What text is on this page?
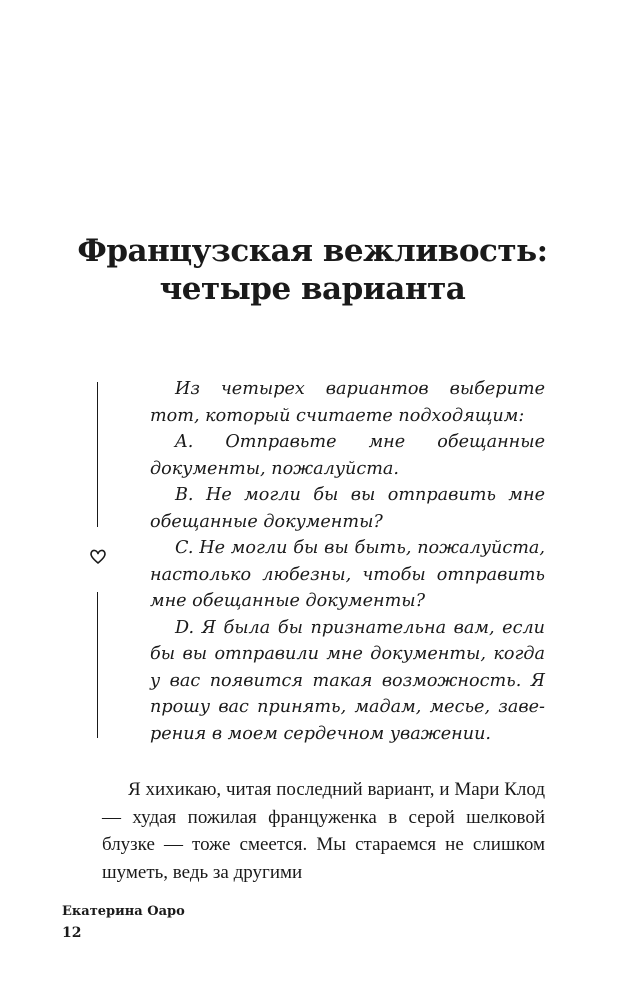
Французская вежливость:
четыре варианта

Из четырех вариантов выберите тот, который считаете подходящим:

A. Отправьте мне обещанные документы, пожалуйста.

B. Не могли бы вы отправить мне обещанные документы?

C. Не могли бы вы быть, пожалуйста, настолько любезны, чтобы отправить мне обещанные документы?

D. Я была бы признательна вам, если бы вы отправили мне документы, когда у вас появится такая возможность. Я прошу вас принять, мадам, месье, заверения в моем сердечном уважении.

Я хихикаю, читая последний вариант, и Мари Клод — худая пожилая француженка в серой шелковой блузке — тоже смеется. Мы стараемся не слишком шуметь, ведь за другими

Екатерина Оаро

12
